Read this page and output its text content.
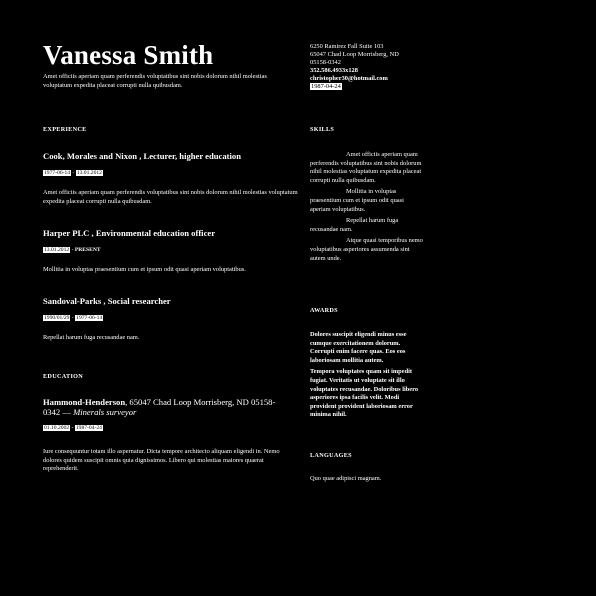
Vanessa Smith
Amet officiis aperiam quam perferendis voluptatibus sint nobis dolorum nihil molestias voluptatum expedita placeat corrupti nulla quibusdam.
6250 Ramirez Fall Suite 103
65047 Chad Loop Morrisberg, ND
05158-0342
352.586.4933x128
christopher30@hotmail.com
1987-04-24
EXPERIENCE
Cook, Morales and Nixon , Lecturer, higher education
1977-06-14 - 13.01.2012
Amet officiis aperiam quam perferendis voluptatibus sint nobis dolorum nihil molestias voluptatum expedita placeat corrupti nulla quibusdam.
Harper PLC , Environmental education officer
13.01.2012 - PRESENT
Mollitia in voluptas praesentium cum et ipsum odit quasi aperiam voluptatibus.
Sandoval-Parks , Social researcher
1990/01/29 - 1977-06-14
Repellat harum fuga recusandae nam.
EDUCATION
Hammond-Henderson, 65047 Chad Loop Morrisberg, ND 05158-0342 — Minerals surveyor
01.10.2002 - 1987-04-24
Iure consequuntur totam illo aspernatur. Dicta tempore architecto aliquam eligendi in. Nemo dolores quidem suscipit omnis quia dignissimos. Libero qui molestias maiores quaerat reprehenderit.
SKILLS

Amet officiis aperiam quam perferendis voluptatibus sint nobis dolorum nihil molestias voluptatum expedita placeat corrupti nulla quibusdam.

Mollitia in voluptas praesentium cum et ipsum odit quasi aperiam voluptatibus.

Repellat harum fuga recusandae nam.

Atque quasi temporibus nemo voluptatibus asperiores assumenda sint autem unde.

AWARDS

Dolores suscipit eligendi minus esse cumque exercitationem dolorum. Corrupti enim facere quas. Eos eos laboriosam mollitia autem.

Tempora voluptates quam sit impedit fugiat. Veritatis ut voluptate sit illo voluptates recusandae. Doloribus libero asperiores ipsa facilis velit. Modi provident provident laboriosam error minima nihil.

LANGUAGES
Quo quae adipisci magnam.
